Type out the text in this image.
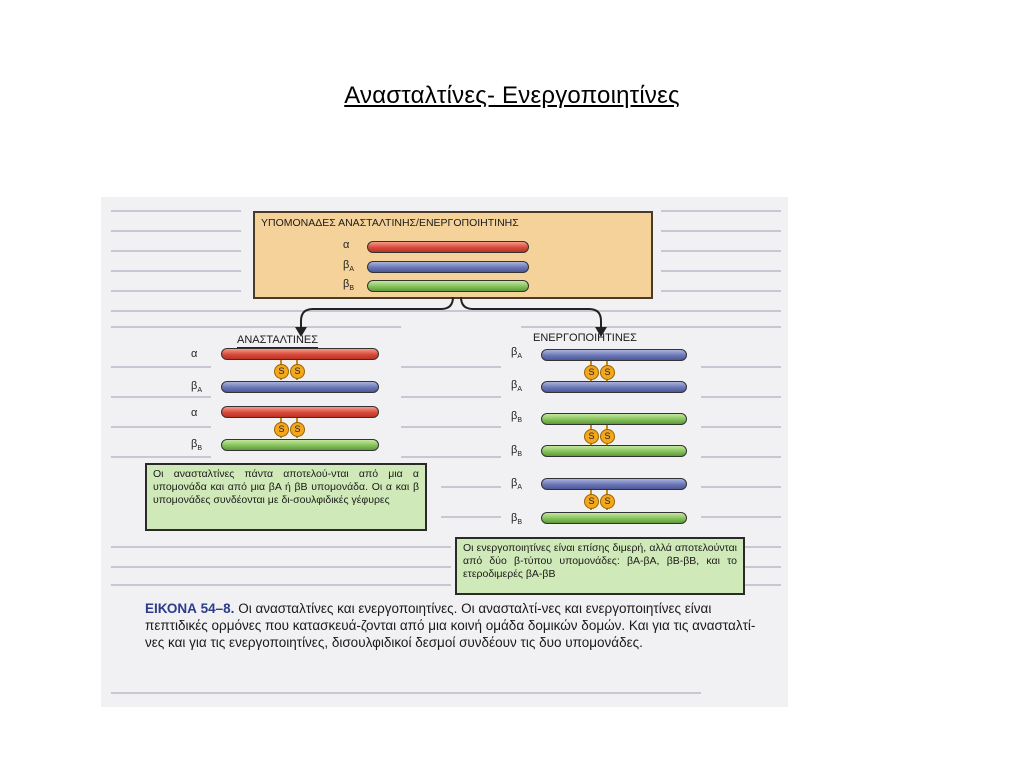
Ανασταλτίνες- Ενεργοποιητίνες
ΥΠΟΜΟΝΑΔΕΣ ΑΝΑΣΤΑΛΤΙΝΗΣ/ΕΝΕΡΓΟΠΟΙΗΤΙΝΗΣ
α
$\beta_A$
$\beta_B$
ΑΝΑΣΤΑΛΤΙΝΕΣ
α
S	S
$\beta_A$
α
S	S
$\beta_B$
Οι ανασταλτίνες πάντα αποτελού-νται από μια α υπομονάδα και από μια βΑ ή βΒ υπομονάδα. Οι α και β υπομονάδες συνδέονται με δι-σουλφιδικές γέφυρες
ΕΝΕΡΓΟΠΟΙΗΤΙΝΕΣ
$\beta_A$
S	S
$\beta_A$
$\beta_B$
S	S
$\beta_B$
$\beta_A$
S	S
$\beta_B$
Οι ενεργοποιητίνες είναι επίσης διμερή, αλλά αποτελούνται από δύο β-τύπου υπομονάδες: βΑ-βΑ, βΒ-βΒ, και το ετεροδιμερές βΑ-βΒ
ΕΙΚΟΝΑ 54–8. Οι ανασταλτίνες και ενεργοποιητίνες. Οι ανασταλτί-νες και ενεργοποιητίνες είναι πεπτιδικές ορμόνες που κατασκευά-ζονται από μια κοινή ομάδα δομικών δομών. Και για τις ανασταλτί-νες και για τις ενεργοποιητίνες, δισουλφιδικοί δεσμοί συνδέουν τις δυο υπομονάδες.
